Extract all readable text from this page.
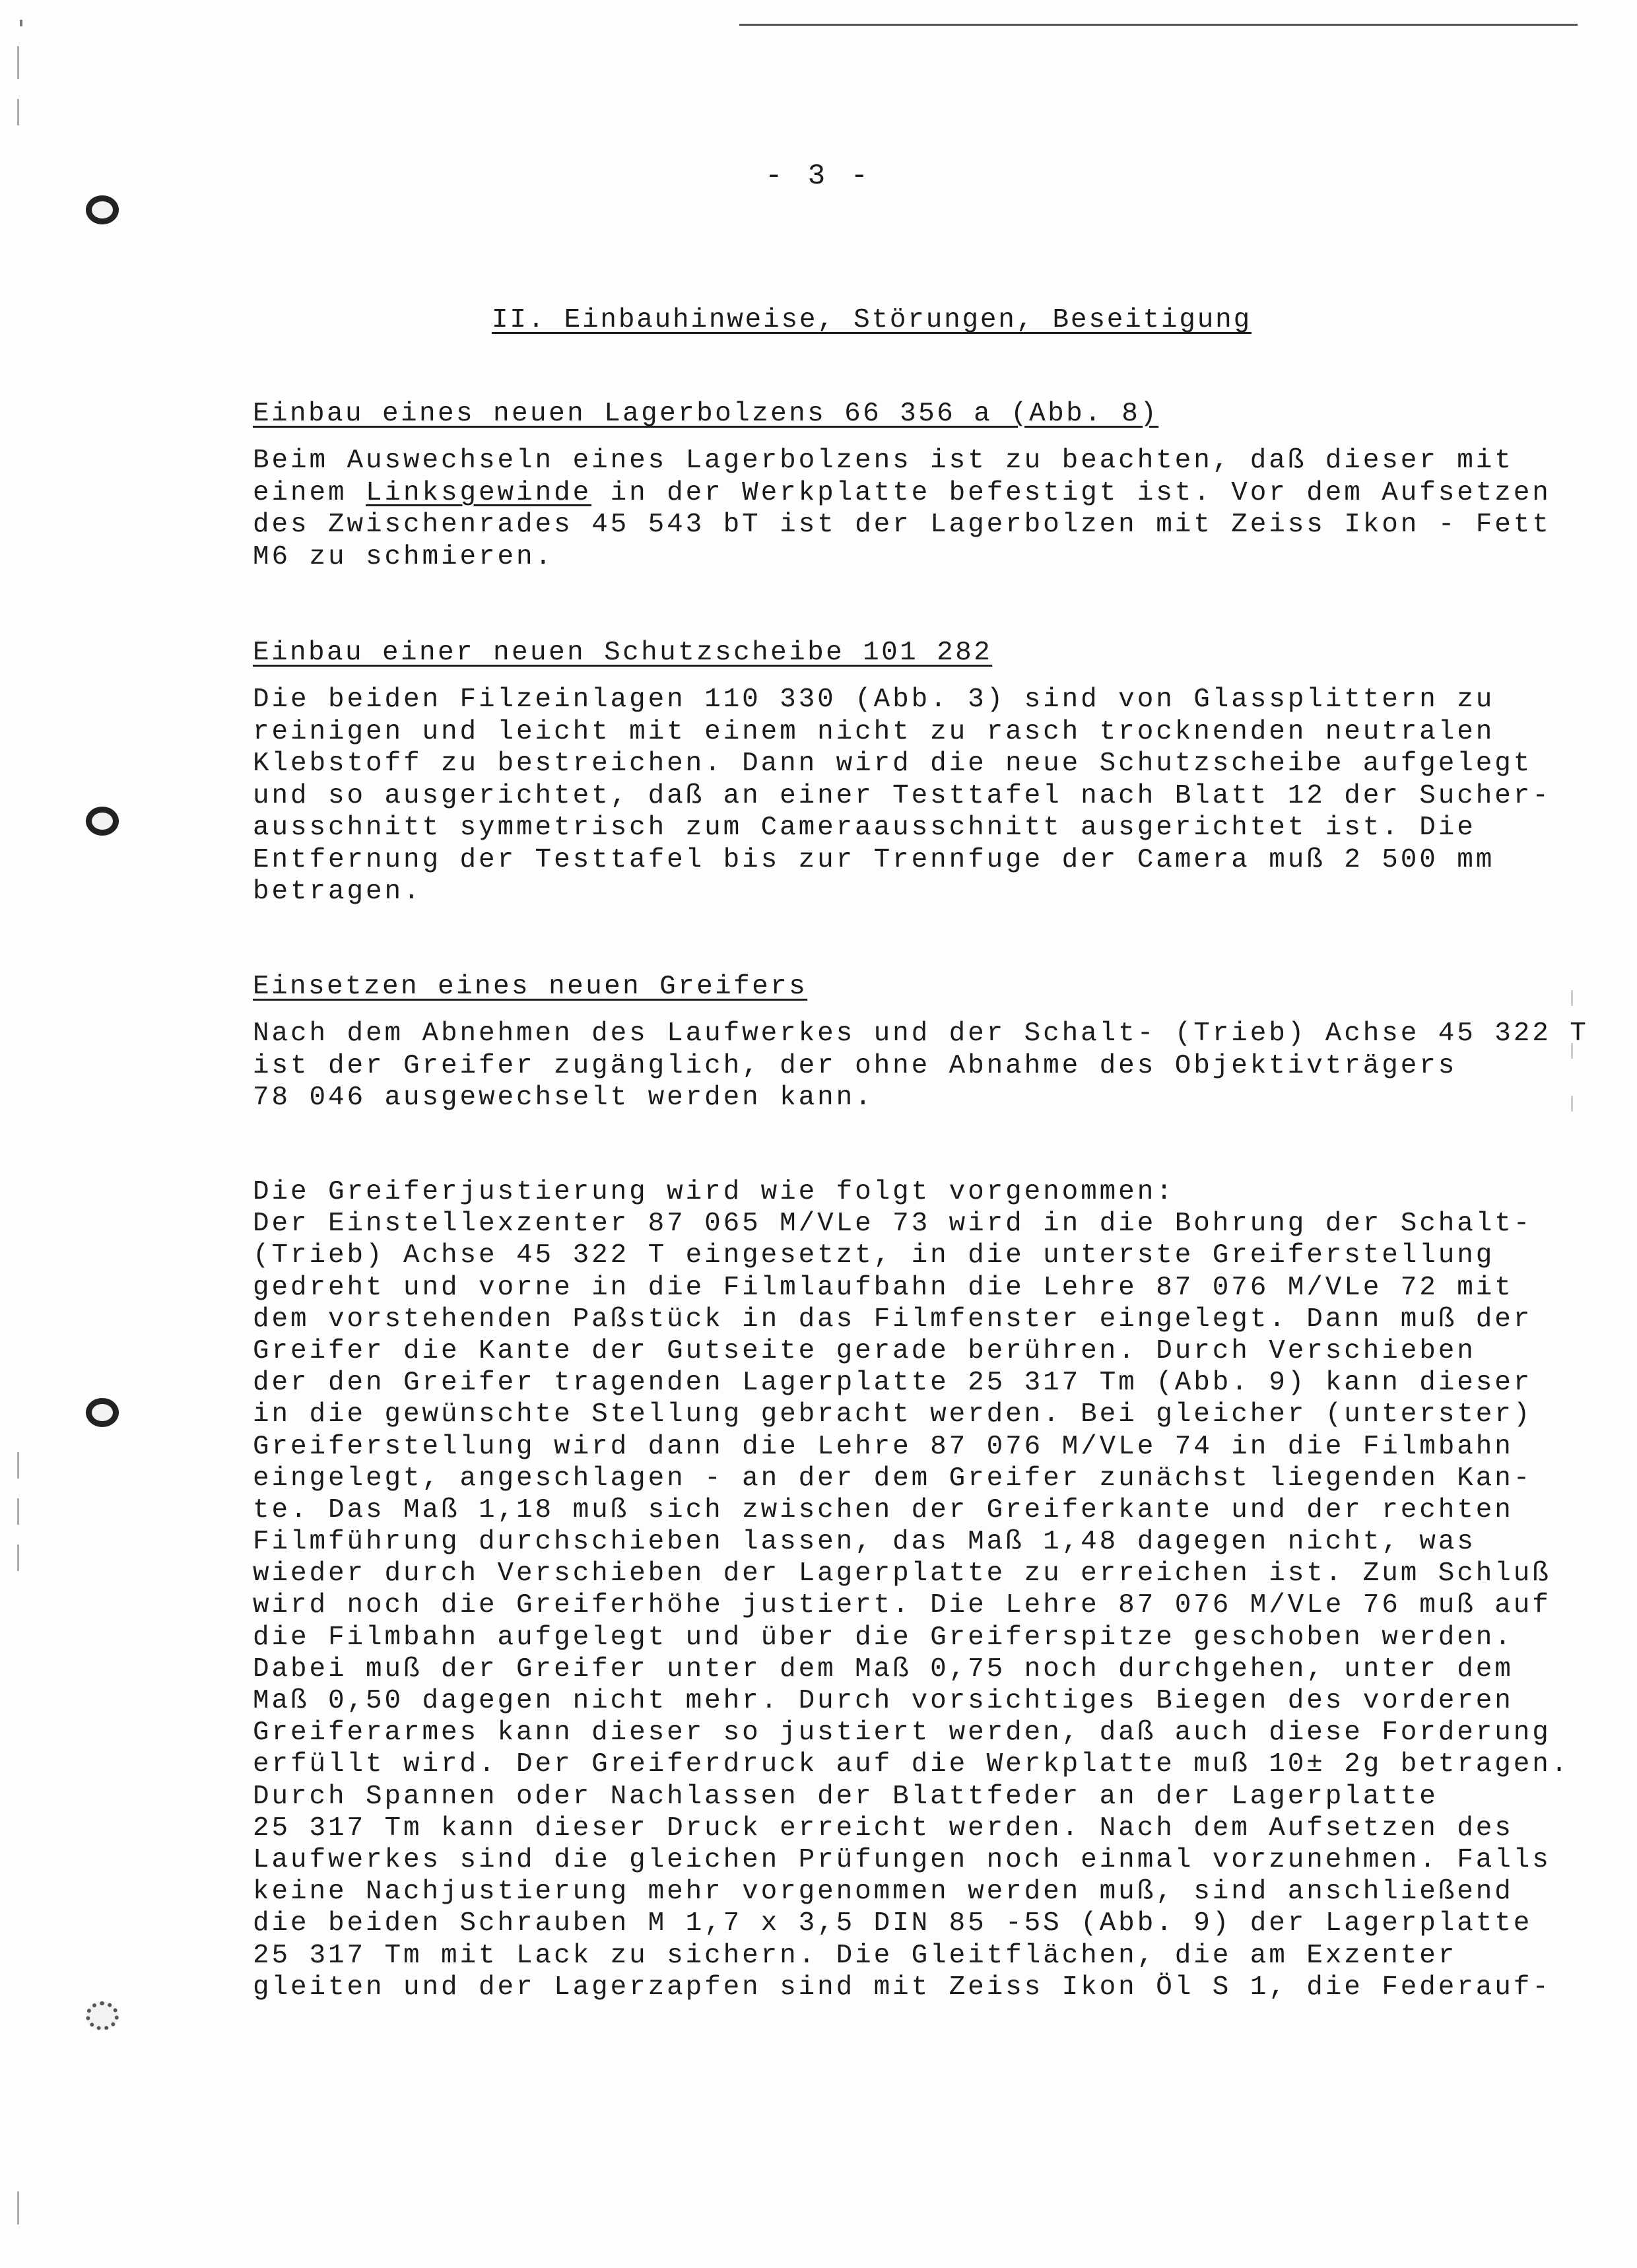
- 3 -
II. Einbauhinweise, Störungen, Beseitigung
Einbau eines neuen Lagerbolzens 66 356 a (Abb. 8)
Beim Auswechseln eines Lagerbolzens ist zu beachten, daß dieser mit
einem Linksgewinde in der Werkplatte befestigt ist. Vor dem Aufsetzen
des Zwischenrades 45 543 bT ist der Lagerbolzen mit Zeiss Ikon - Fett
M6 zu schmieren.
Einbau einer neuen Schutzscheibe 101 282
Die beiden Filzeinlagen 110 330 (Abb. 3) sind von Glassplittern zu
reinigen und leicht mit einem nicht zu rasch trocknenden neutralen
Klebstoff zu bestreichen. Dann wird die neue Schutzscheibe aufgelegt
und so ausgerichtet, daß an einer Testtafel nach Blatt 12 der Sucher-
ausschnitt symmetrisch zum Cameraausschnitt ausgerichtet ist. Die
Entfernung der Testtafel bis zur Trennfuge der Camera muß 2 500 mm
betragen.
Einsetzen eines neuen Greifers
Nach dem Abnehmen des Laufwerkes und der Schalt- (Trieb) Achse 45 322 T
ist der Greifer zugänglich, der ohne Abnahme des Objektivträgers
78 046 ausgewechselt werden kann.
Die Greiferjustierung wird wie folgt vorgenommen:
Der Einstellexzenter 87 065 M/VLe 73 wird in die Bohrung der Schalt-
(Trieb) Achse 45 322 T eingesetzt, in die unterste Greiferstellung
gedreht und vorne in die Filmlaufbahn die Lehre 87 076 M/VLe 72 mit
dem vorstehenden Paßstück in das Filmfenster eingelegt. Dann muß der
Greifer die Kante der Gutseite gerade berühren. Durch Verschieben
der den Greifer tragenden Lagerplatte 25 317 Tm (Abb. 9) kann dieser
in die gewünschte Stellung gebracht werden. Bei gleicher (unterster)
Greiferstellung wird dann die Lehre 87 076 M/VLe 74 in die Filmbahn
eingelegt, angeschlagen - an der dem Greifer zunächst liegenden Kan-
te. Das Maß 1,18 muß sich zwischen der Greiferkante und der rechten
Filmführung durchschieben lassen, das Maß 1,48 dagegen nicht, was
wieder durch Verschieben der Lagerplatte zu erreichen ist. Zum Schluß
wird noch die Greiferhöhe justiert. Die Lehre 87 076 M/VLe 76 muß auf
die Filmbahn aufgelegt und über die Greiferspitze geschoben werden.
Dabei muß der Greifer unter dem Maß 0,75 noch durchgehen, unter dem
Maß 0,50 dagegen nicht mehr. Durch vorsichtiges Biegen des vorderen
Greiferarmes kann dieser so justiert werden, daß auch diese Forderung
erfüllt wird. Der Greiferdruck auf die Werkplatte muß 10± 2g betragen.
Durch Spannen oder Nachlassen der Blattfeder an der Lagerplatte
25 317 Tm kann dieser Druck erreicht werden. Nach dem Aufsetzen des
Laufwerkes sind die gleichen Prüfungen noch einmal vorzunehmen. Falls
keine Nachjustierung mehr vorgenommen werden muß, sind anschließend
die beiden Schrauben M 1,7 x 3,5 DIN 85 -5S (Abb. 9) der Lagerplatte
25 317 Tm mit Lack zu sichern. Die Gleitflächen, die am Exzenter
gleiten und der Lagerzapfen sind mit Zeiss Ikon Öl S 1, die Federauf-
